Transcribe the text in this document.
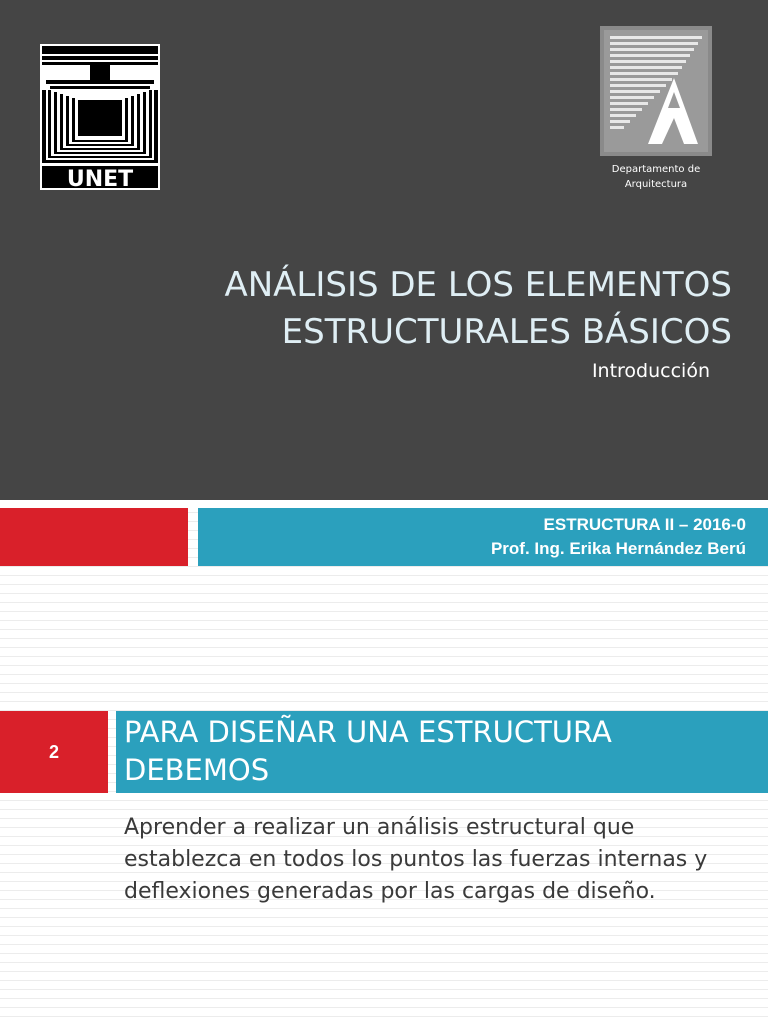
UNET	Departamento de
Arquitectura
ANÁLISIS DE LOS ELEMENTOS
ESTRUCTURALES BÁSICOS
Introducción
ESTRUCTURA II – 2016-0
Prof. Ing. Erika Hernández Berú
2
PARA DISEÑAR UNA ESTRUCTURA
DEBEMOS
Aprender a realizar un análisis estructural que establezca en todos los puntos las fuerzas internas y deflexiones generadas por las cargas de diseño.
